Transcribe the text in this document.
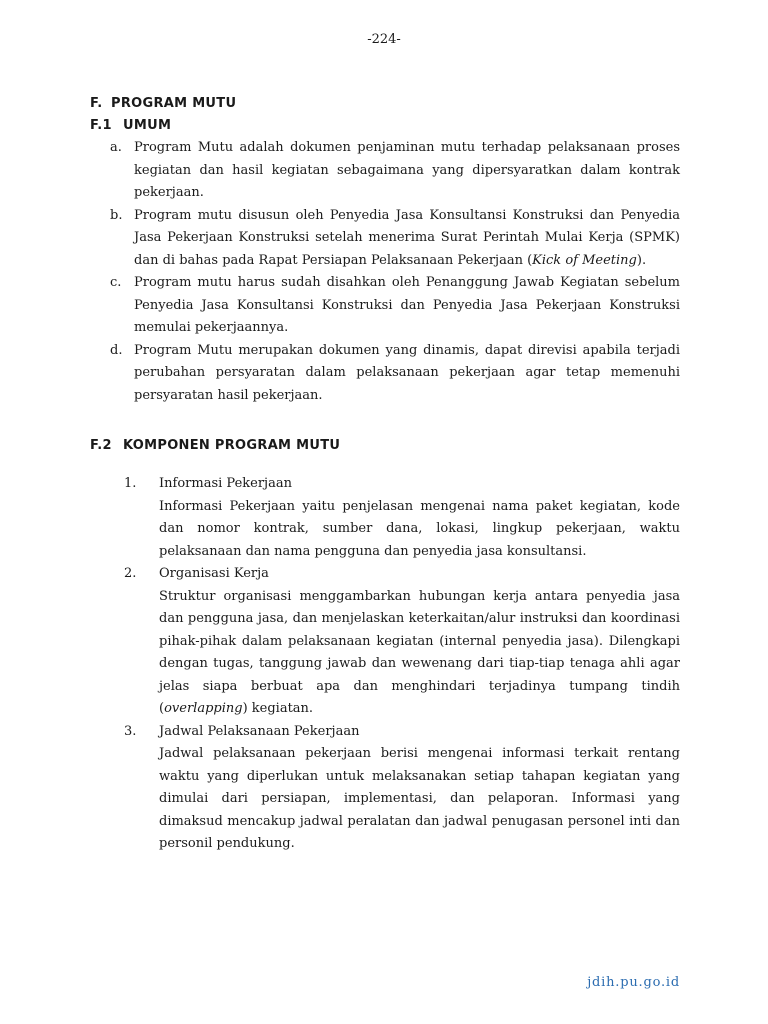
-224-
F. PROGRAM MUTU
F.1 UMUM
a. Program Mutu adalah dokumen penjaminan mutu terhadap pelaksanaan proses kegiatan dan hasil kegiatan sebagaimana yang dipersyaratkan dalam kontrak pekerjaan.
b. Program mutu disusun oleh Penyedia Jasa Konsultansi Konstruksi dan Penyedia Jasa Pekerjaan Konstruksi setelah menerima Surat Perintah Mulai Kerja (SPMK) dan di bahas pada Rapat Persiapan Pelaksanaan Pekerjaan (Kick of Meeting).
c. Program mutu harus sudah disahkan oleh Penanggung Jawab Kegiatan sebelum Penyedia Jasa Konsultansi Konstruksi dan Penyedia Jasa Pekerjaan Konstruksi memulai pekerjaannya.
d. Program Mutu merupakan dokumen yang dinamis, dapat direvisi apabila terjadi perubahan persyaratan dalam pelaksanaan pekerjaan agar tetap memenuhi persyaratan hasil pekerjaan.
F.2 KOMPONEN PROGRAM MUTU
1. Informasi Pekerjaan
Informasi Pekerjaan yaitu penjelasan mengenai nama paket kegiatan, kode dan nomor kontrak, sumber dana, lokasi, lingkup pekerjaan, waktu pelaksanaan dan nama pengguna dan penyedia jasa konsultansi.
2. Organisasi Kerja
Struktur organisasi menggambarkan hubungan kerja antara penyedia jasa dan pengguna jasa, dan menjelaskan keterkaitan/alur instruksi dan koordinasi pihak-pihak dalam pelaksanaan kegiatan (internal penyedia jasa). Dilengkapi dengan tugas, tanggung jawab dan wewenang dari tiap-tiap tenaga ahli agar jelas siapa berbuat apa dan menghindari terjadinya tumpang tindih (overlapping) kegiatan.
3. Jadwal Pelaksanaan Pekerjaan
Jadwal pelaksanaan pekerjaan berisi mengenai informasi terkait rentang waktu yang diperlukan untuk melaksanakan setiap tahapan kegiatan yang dimulai dari persiapan, implementasi, dan pelaporan. Informasi yang dimaksud mencakup jadwal peralatan dan jadwal penugasan personel inti dan personil pendukung.
jdih.pu.go.id
